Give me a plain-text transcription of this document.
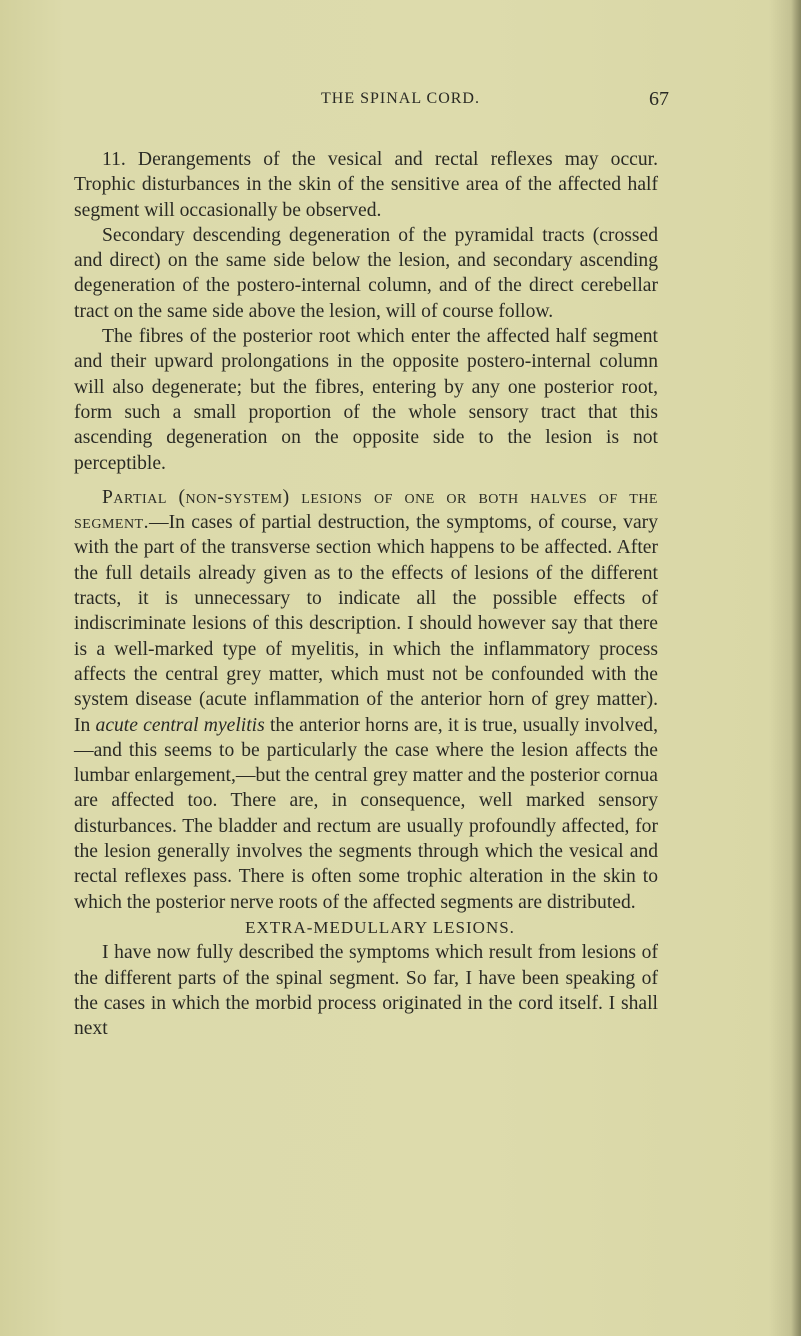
THE SPINAL CORD.	67

11. Derangements of the vesical and rectal reflexes may occur. Trophic disturbances in the skin of the sensitive area of the affected half segment will occasionally be observed.

Secondary descending degeneration of the pyramidal tracts (crossed and direct) on the same side below the lesion, and secondary ascending degeneration of the postero-internal column, and of the direct cerebellar tract on the same side above the lesion, will of course follow.

The fibres of the posterior root which enter the affected half segment and their upward prolongations in the opposite postero-internal column will also degenerate; but the fibres, entering by any one posterior root, form such a small proportion of the whole sensory tract that this ascending degeneration on the opposite side to the lesion is not perceptible.

Partial (non-system) lesions of one or both halves of the segment.—In cases of partial destruction, the symptoms, of course, vary with the part of the transverse section which happens to be affected. After the full details already given as to the effects of lesions of the different tracts, it is unnecessary to indicate all the possible effects of indiscriminate lesions of this description. I should however say that there is a well-marked type of myelitis, in which the inflammatory process affects the central grey matter, which must not be confounded with the system disease (acute inflammation of the anterior horn of grey matter). In acute central myelitis the anterior horns are, it is true, usually involved,—and this seems to be particularly the case where the lesion affects the lumbar enlargement,—but the central grey matter and the posterior cornua are affected too. There are, in consequence, well marked sensory disturbances. The bladder and rectum are usually profoundly affected, for the lesion generally involves the segments through which the vesical and rectal reflexes pass. There is often some trophic alteration in the skin to which the posterior nerve roots of the affected segments are distributed.

EXTRA-MEDULLARY LESIONS.

I have now fully described the symptoms which result from lesions of the different parts of the spinal segment. So far, I have been speaking of the cases in which the morbid process originated in the cord itself. I shall next
